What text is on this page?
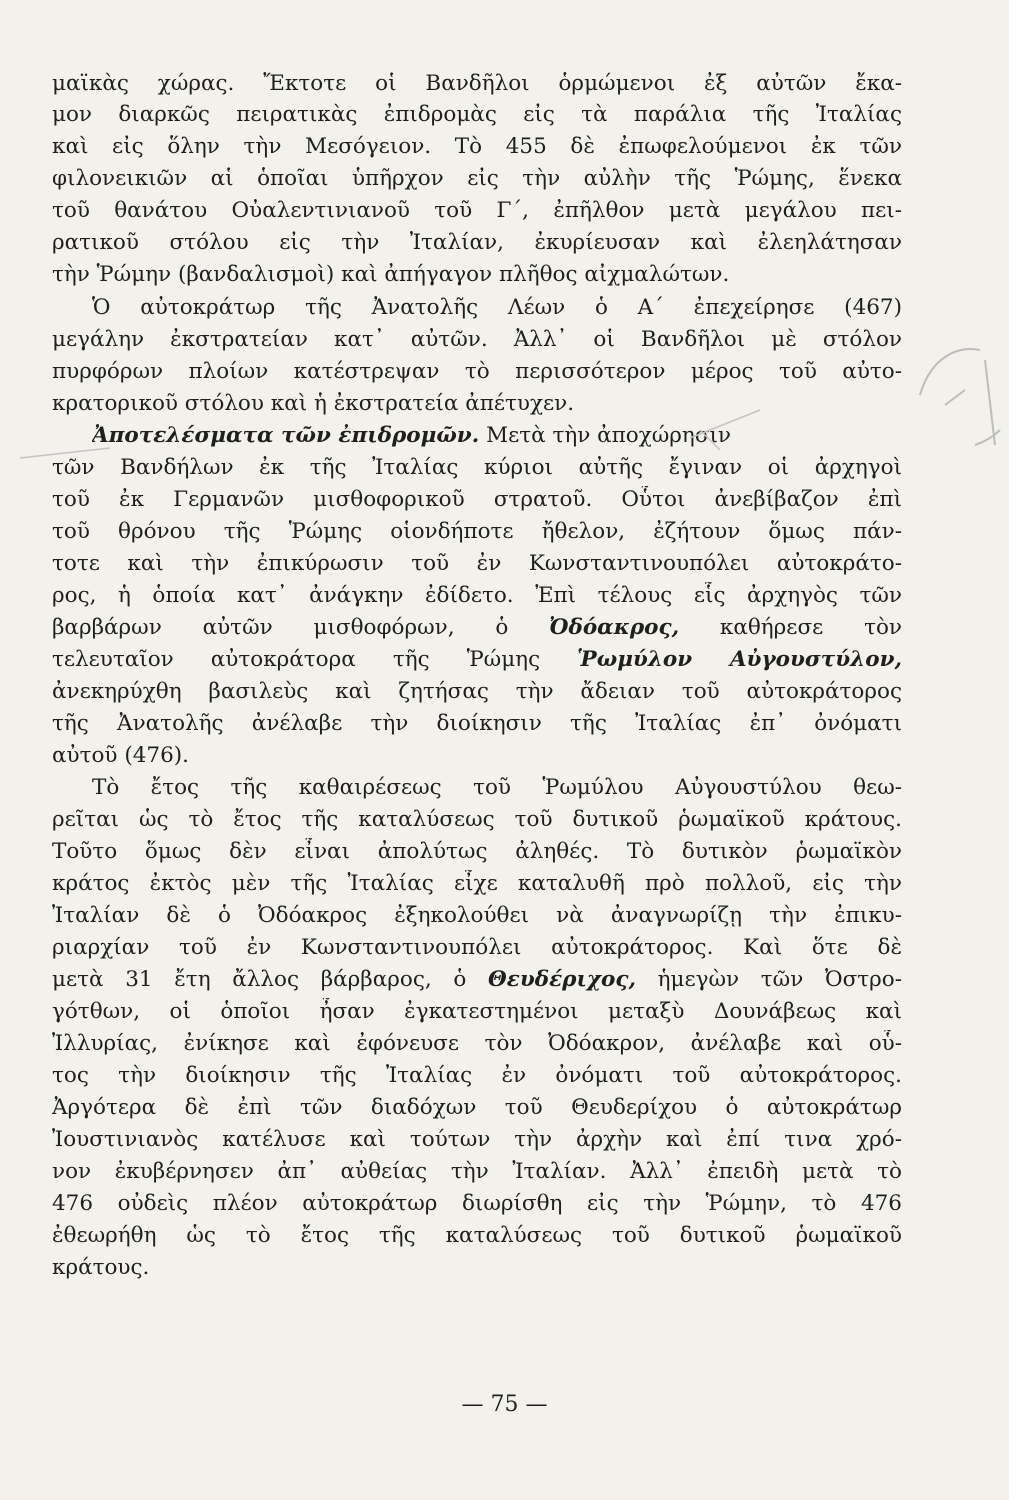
μαϊκὰς χώρας. Ἔκτοτε οἱ Βανδῆλοι ὁρμώμενοι ἐξ αὐτῶν ἔκα-
μον διαρκῶς πειρατικὰς ἐπιδρομὰς εἰς τὰ παράλια τῆς Ἰταλίας
καὶ εἰς ὅλην τὴν Μεσόγειον. Τὸ 455 δὲ ἐπωφελούμενοι ἐκ τῶν
φιλονεικιῶν αἱ ὁποῖαι ὑπῆρχον εἰς τὴν αὐλὴν τῆς Ῥώμης, ἕνεκα
τοῦ θανάτου Οὐαλεντινιανοῦ τοῦ Γ΄, ἐπῆλθον μετὰ μεγάλου πει-
ρατικοῦ στόλου εἰς τὴν Ἰταλίαν, ἐκυρίευσαν καὶ ἐλεηλάτησαν
τὴν Ῥώμην (βανδαλισμοὶ) καὶ ἀπήγαγον πλῆθος αἰχμαλώτων.
Ὁ αὐτοκράτωρ τῆς Ἀνατολῆς Λέων ὁ Α΄ ἐπεχείρησε (467)
μεγάλην ἐκστρατείαν κατ᾽ αὐτῶν. Ἀλλ᾽ οἱ Βανδῆλοι μὲ στόλον
πυρφόρων πλοίων κατέστρεψαν τὸ περισσότερον μέρος τοῦ αὐτο-
κρατορικοῦ στόλου καὶ ἡ ἐκστρατεία ἀπέτυχεν.
Ἀποτελέσματα τῶν ἐπιδρομῶν. Μετὰ τὴν ἀποχώρησιν
τῶν Βανδήλων ἐκ τῆς Ἰταλίας κύριοι αὐτῆς ἔγιναν οἱ ἀρχηγοὶ
τοῦ ἐκ Γερμανῶν μισθοφορικοῦ στρατοῦ. Οὗτοι ἀνεβίβαζον ἐπὶ
τοῦ θρόνου τῆς Ῥώμης οἱονδήποτε ἤθελον, ἐζήτουν ὅμως πάν-
τοτε καὶ τὴν ἐπικύρωσιν τοῦ ἐν Κωνσταντινουπόλει αὐτοκράτο-
ρος, ἡ ὁποία κατ᾽ ἀνάγκην ἐδίδετο. Ἐπὶ τέλους εἷς ἀρχηγὸς τῶν
βαρβάρων αὐτῶν μισθοφόρων, ὁ Ὀδόακρος, καθήρεσε τὸν
τελευταῖον αὐτοκράτορα τῆς Ῥώμης Ῥωμύλον Αὐγουστύλον,
ἀνεκηρύχθη βασιλεὺς καὶ ζητήσας τὴν ἄδειαν τοῦ αὐτοκράτορος
τῆς Ἀνατολῆς ἀνέλαβε τὴν διοίκησιν τῆς Ἰταλίας ἐπ᾽ ὀνόματι
αὐτοῦ (476).
Τὸ ἔτος τῆς καθαιρέσεως τοῦ Ῥωμύλου Αὐγουστύλου θεω-
ρεῖται ὡς τὸ ἔτος τῆς καταλύσεως τοῦ δυτικοῦ ῥωμαϊκοῦ κράτους.
Τοῦτο ὅμως δὲν εἶναι ἀπολύτως ἀληθές. Τὸ δυτικὸν ῥωμαϊκὸν
κράτος ἐκτὸς μὲν τῆς Ἰταλίας εἶχε καταλυθῆ πρὸ πολλοῦ, εἰς τὴν
Ἰταλίαν δὲ ὁ Ὀδόακρος ἐξηκολούθει νὰ ἀναγνωρίζῃ τὴν ἐπικυ-
ριαρχίαν τοῦ ἐν Κωνσταντινουπόλει αὐτοκράτορος. Καὶ ὅτε δὲ
μετὰ 31 ἔτη ἄλλος βάρβαρος, ὁ Θευδέριχος, ἡμεγὼν τῶν Ὀστρο-
γότθων, οἱ ὁποῖοι ἦσαν ἐγκατεστημένοι μεταξὺ Δουνάβεως καὶ
Ἰλλυρίας, ἐνίκησε καὶ ἐφόνευσε τὸν Ὀδόακρον, ἀνέλαβε καὶ οὗ-
τος τὴν διοίκησιν τῆς Ἰταλίας ἐν ὀνόματι τοῦ αὐτοκράτορος.
Ἀργότερα δὲ ἐπὶ τῶν διαδόχων τοῦ Θευδερίχου ὁ αὐτοκράτωρ
Ἰουστινιανὸς κατέλυσε καὶ τούτων τὴν ἀρχὴν καὶ ἐπί τινα χρό-
νον ἐκυβέρνησεν ἀπ᾽ αὐθείας τὴν Ἰταλίαν. Ἀλλ᾽ ἐπειδὴ μετὰ τὸ
476 οὐδεὶς πλέον αὐτοκράτωρ διωρίσθη εἰς τὴν Ῥώμην, τὸ 476
ἐθεωρήθη ὡς τὸ ἔτος τῆς καταλύσεως τοῦ δυτικοῦ ῥωμαϊκοῦ
κράτους.
— 75 —
